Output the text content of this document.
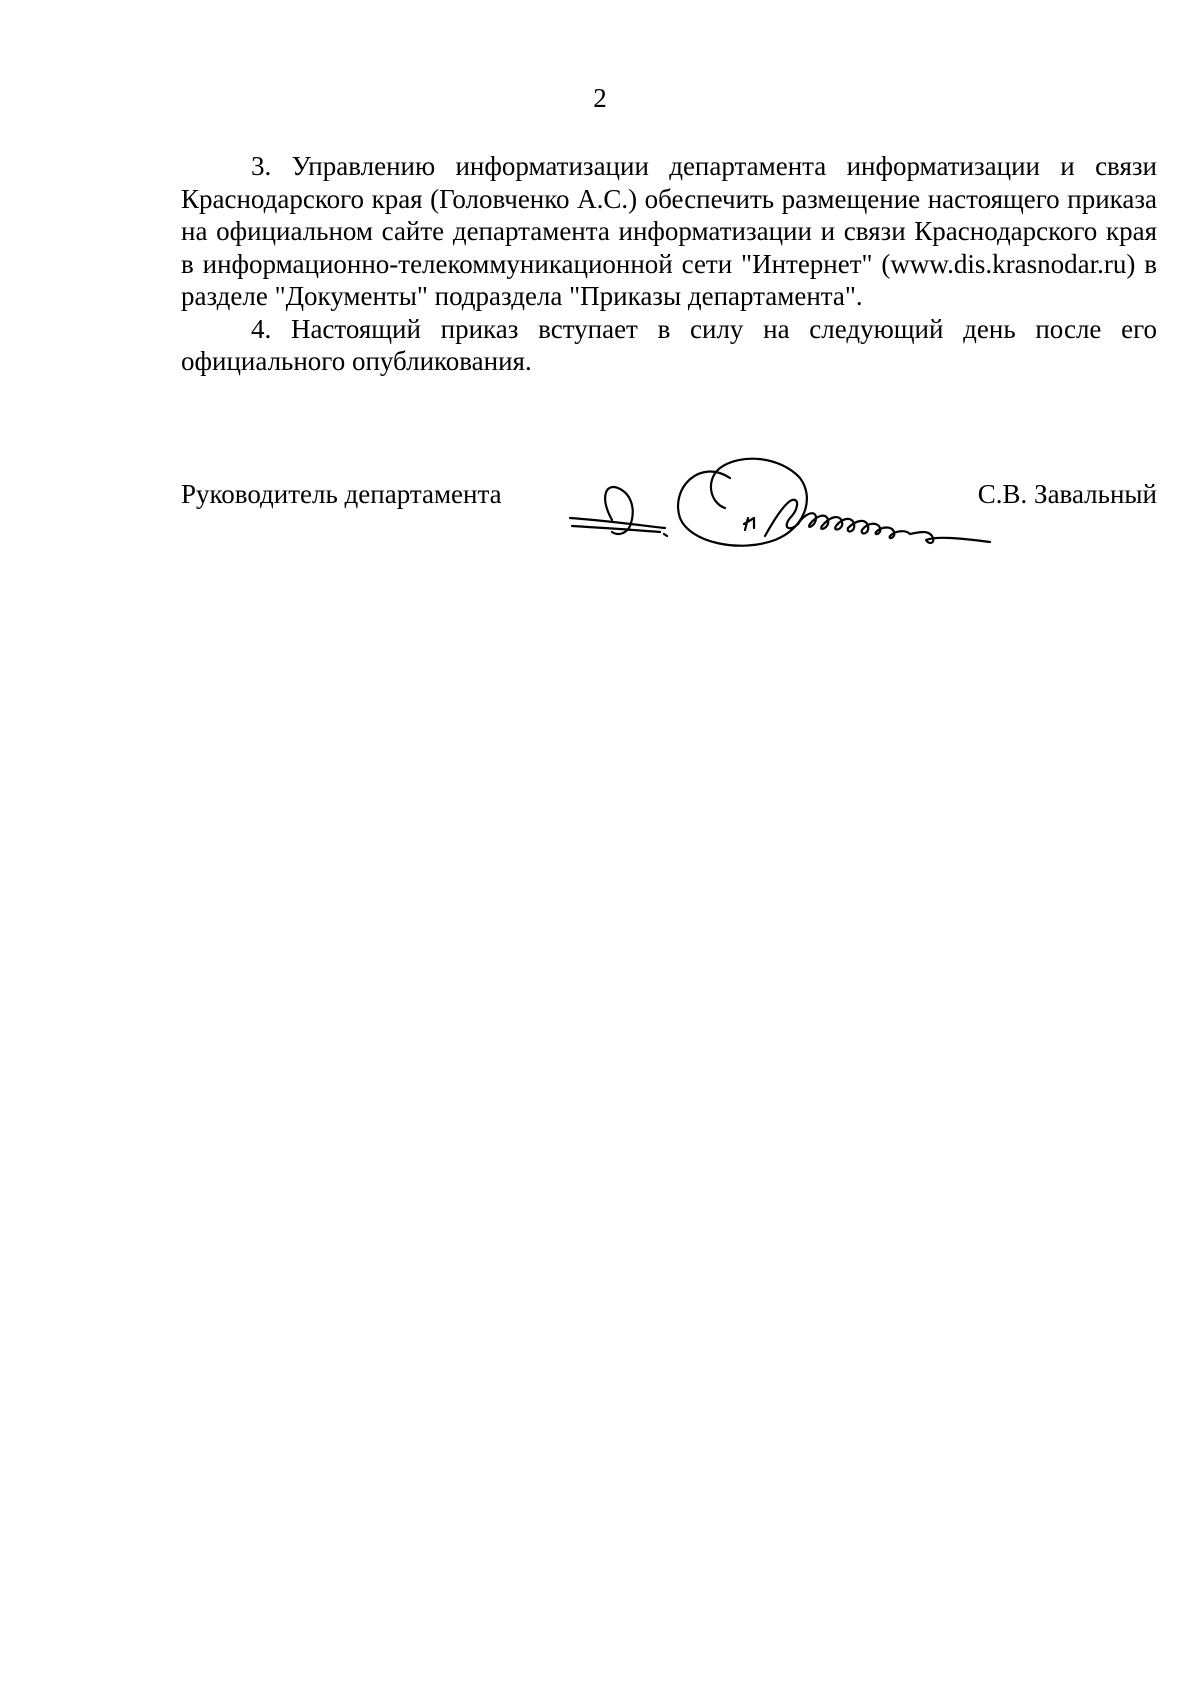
2

3. Управлению информатизации департамента информатизации и связи Краснодарского края (Головченко А.С.) обеспечить размещение настоящего приказа на официальном сайте департамента информатизации и связи Краснодарского края в информационно-телекоммуникационной сети "Интернет" (www.dis.krasnodar.ru) в разделе "Документы" подраздела "Приказы департамента".

4. Настоящий приказ вступает в силу на следующий день после его официального опубликования.

Руководитель департамента	С.В. Завальный
